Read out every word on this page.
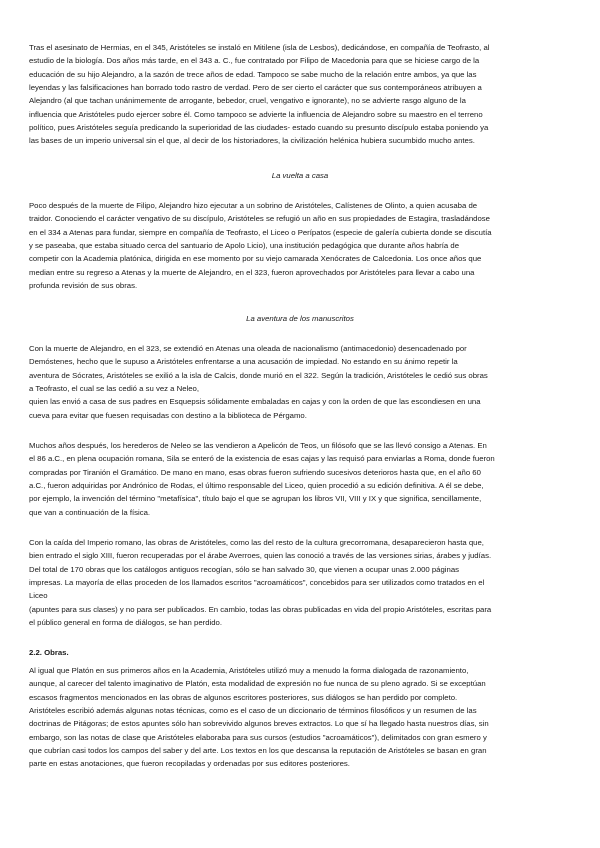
Tras el asesinato de Hermias, en el 345, Aristóteles se instaló en Mitilene (isla de Lesbos), dedicándose, en compañía de Teofrasto, al
estudio de la biología. Dos años más tarde, en el 343 a. C., fue contratado por Filipo de Macedonia para que se hiciese cargo de la
educación de su hijo Alejandro, a la sazón de trece años de edad. Tampoco se sabe mucho de la relación entre ambos, ya que las
leyendas y las falsificaciones han borrado todo rastro de verdad. Pero de ser cierto el carácter que sus contemporáneos atribuyen a
Alejandro (al que tachan unánimemente de arrogante, bebedor, cruel, vengativo e ignorante), no se advierte rasgo alguno de la
influencia que Aristóteles pudo ejercer sobre él. Como tampoco se advierte la influencia de Alejandro sobre su maestro en el terreno
político, pues Aristóteles seguía predicando la superioridad de las ciudades- estado cuando su presunto discípulo estaba poniendo ya
las bases de un imperio universal sin el que, al decir de los historiadores, la civilización helénica hubiera sucumbido mucho antes.

La vuelta a casa

Poco después de la muerte de Filipo, Alejandro hizo ejecutar a un sobrino de Aristóteles, Calístenes de Olinto, a quien acusaba de
traidor. Conociendo el carácter vengativo de su discípulo, Aristóteles se refugió un año en sus propiedades de Estagira, trasladándose
en el 334 a Atenas para fundar, siempre en compañía de Teofrasto, el Liceo o Perípatos (especie de galería cubierta donde se discutía
y se paseaba, que estaba situado cerca del santuario de Apolo Licio), una institución pedagógica que durante años habría de
competir con la Academia platónica, dirigida en ese momento por su viejo camarada Xenócrates de Calcedonia. Los once años que
median entre su regreso a Atenas y la muerte de Alejandro, en el 323, fueron aprovechados por Aristóteles para llevar a cabo una
profunda revisión de sus obras.

La aventura de los manuscritos

Con la muerte de Alejandro, en el 323, se extendió en Atenas una oleada de nacionalismo (antimacedonio) desencadenado por
Demóstenes, hecho que le supuso a Aristóteles enfrentarse a una acusación de impiedad. No estando en su ánimo repetir la
aventura de Sócrates, Aristóteles se exilió a la isla de Calcis, donde murió en el 322. Según la tradición, Aristóteles le cedió sus obras
a Teofrasto, el cual se las cedió a su vez a Neleo,
quien las envió a casa de sus padres en Esquepsis sólidamente embaladas en cajas y con la orden de que las escondiesen en una
cueva para evitar que fuesen requisadas con destino a la biblioteca de Pérgamo.
Muchos años después, los herederos de Neleo se las vendieron a Apelicón de Teos, un filósofo que se las llevó consigo a Atenas. En
el 86 a.C., en plena ocupación romana, Sila se enteró de la existencia de esas cajas y las requisó para enviarlas a Roma, donde fueron
compradas por Tiranión el Gramático. De mano en mano, esas obras fueron sufriendo sucesivos deterioros hasta que, en el año 60
a.C., fueron adquiridas por Andrónico de Rodas, el último responsable del Liceo, quien procedió a su edición definitiva. A él se debe,
por ejemplo, la invención del término "metafísica", título bajo el que se agrupan los libros VII, VIII y IX y que significa, sencillamente,
que van a continuación de la física.
Con la caída del Imperio romano, las obras de Aristóteles, como las del resto de la cultura grecorromana, desaparecieron hasta que,
bien entrado el siglo XIII, fueron recuperadas por el árabe Averroes, quien las conoció a través de las versiones sirias, árabes y judías.
Del total de 170 obras que los catálogos antiguos recogían, sólo se han salvado 30, que vienen a ocupar unas 2.000 páginas
impresas. La mayoría de ellas proceden de los llamados escritos "acroamáticos", concebidos para ser utilizados como tratados en el
Liceo
(apuntes para sus clases) y no para ser publicados. En cambio, todas las obras publicadas en vida del propio Aristóteles, escritas para
el público general en forma de diálogos, se han perdido.

2.2. Obras.

Al igual que Platón en sus primeros años en la Academia, Aristóteles utilizó muy a menudo la forma dialogada de razonamiento,
aunque, al carecer del talento imaginativo de Platón, esta modalidad de expresión no fue nunca de su pleno agrado. Si se exceptúan
escasos fragmentos mencionados en las obras de algunos escritores posteriores, sus diálogos se han perdido por completo.
Aristóteles escribió además algunas notas técnicas, como es el caso de un diccionario de términos filosóficos y un resumen de las
doctrinas de Pitágoras; de estos apuntes sólo han sobrevivido algunos breves extractos. Lo que sí ha llegado hasta nuestros días, sin
embargo, son las notas de clase que Aristóteles elaboraba para sus cursos (estudios "acroamáticos"), delimitados con gran esmero y
que cubrían casi todos los campos del saber y del arte. Los textos en los que descansa la reputación de Aristóteles se basan en gran
parte en estas anotaciones, que fueron recopiladas y ordenadas por sus editores posteriores.
